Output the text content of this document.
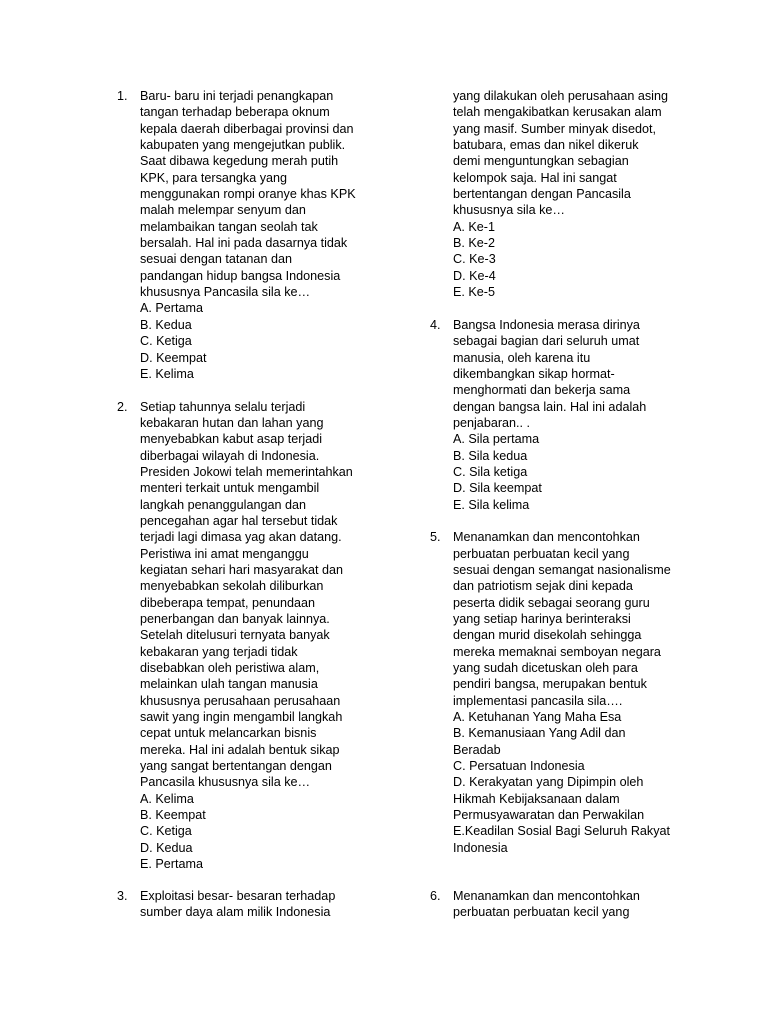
1. Baru- baru ini terjadi penangkapan
tangan terhadap beberapa oknum
kepala daerah diberbagai provinsi dan
kabupaten yang mengejutkan publik.
Saat dibawa kegedung merah putih
KPK, para tersangka yang
menggunakan rompi oranye khas KPK
malah melempar senyum dan
melambaikan tangan seolah tak
bersalah. Hal ini pada dasarnya tidak
sesuai dengan tatanan dan
pandangan hidup bangsa Indonesia
khususnya Pancasila sila ke…

A. Pertama

B. Kedua

C. Ketiga

D. Keempat

E. Kelima

2. Setiap tahunnya selalu terjadi
kebakaran hutan dan lahan yang
menyebabkan kabut asap terjadi
diberbagai wilayah di Indonesia.
Presiden Jokowi telah memerintahkan
menteri terkait untuk mengambil
langkah penanggulangan dan
pencegahan agar hal tersebut tidak
terjadi lagi dimasa yag akan datang.
Peristiwa ini amat menganggu
kegiatan sehari hari masyarakat dan
menyebabkan sekolah diliburkan
dibeberapa tempat, penundaan
penerbangan dan banyak lainnya.
Setelah ditelusuri ternyata banyak
kebakaran yang terjadi tidak
disebabkan oleh peristiwa alam,
melainkan ulah tangan manusia
khususnya perusahaan perusahaan
sawit yang ingin mengambil langkah
cepat untuk melancarkan bisnis
mereka. Hal ini adalah bentuk sikap
yang sangat bertentangan dengan
Pancasila khususnya sila ke…

A. Kelima

B. Keempat

C. Ketiga

D. Kedua

E. Pertama

3. Exploitasi besar- besaran terhadap
sumber daya alam milik Indonesia

yang dilakukan oleh perusahaan asing
telah mengakibatkan kerusakan alam
yang masif. Sumber minyak disedot,
batubara, emas dan nikel dikeruk
demi menguntungkan sebagian
kelompok saja. Hal ini sangat
bertentangan dengan Pancasila
khususnya sila ke…

A. Ke-1

B. Ke-2

C. Ke-3

D. Ke-4

E. Ke-5

4. Bangsa Indonesia merasa dirinya
sebagai bagian dari seluruh umat
manusia, oleh karena itu
dikembangkan sikap hormat-
menghormati dan bekerja sama
dengan bangsa lain. Hal ini adalah
penjabaran.. .

A. Sila pertama

B. Sila kedua

C. Sila ketiga

D. Sila keempat

E. Sila kelima

5. Menanamkan dan mencontohkan
perbuatan perbuatan kecil yang
sesuai dengan semangat nasionalisme
dan patriotism sejak dini kepada
peserta didik sebagai seorang guru
yang setiap harinya berinteraksi
dengan murid disekolah sehingga
mereka memaknai semboyan negara
yang sudah dicetuskan oleh para
pendiri bangsa, merupakan bentuk
implementasi pancasila sila….

A. Ketuhanan Yang Maha Esa

B. Kemanusiaan Yang Adil dan
Beradab

C. Persatuan Indonesia

D. Kerakyatan yang Dipimpin oleh
Hikmah Kebijaksanaan dalam
Permusyawaratan dan Perwakilan

E.Keadilan Sosial Bagi Seluruh Rakyat
Indonesia

6. Menanamkan dan mencontohkan
perbuatan perbuatan kecil yang
